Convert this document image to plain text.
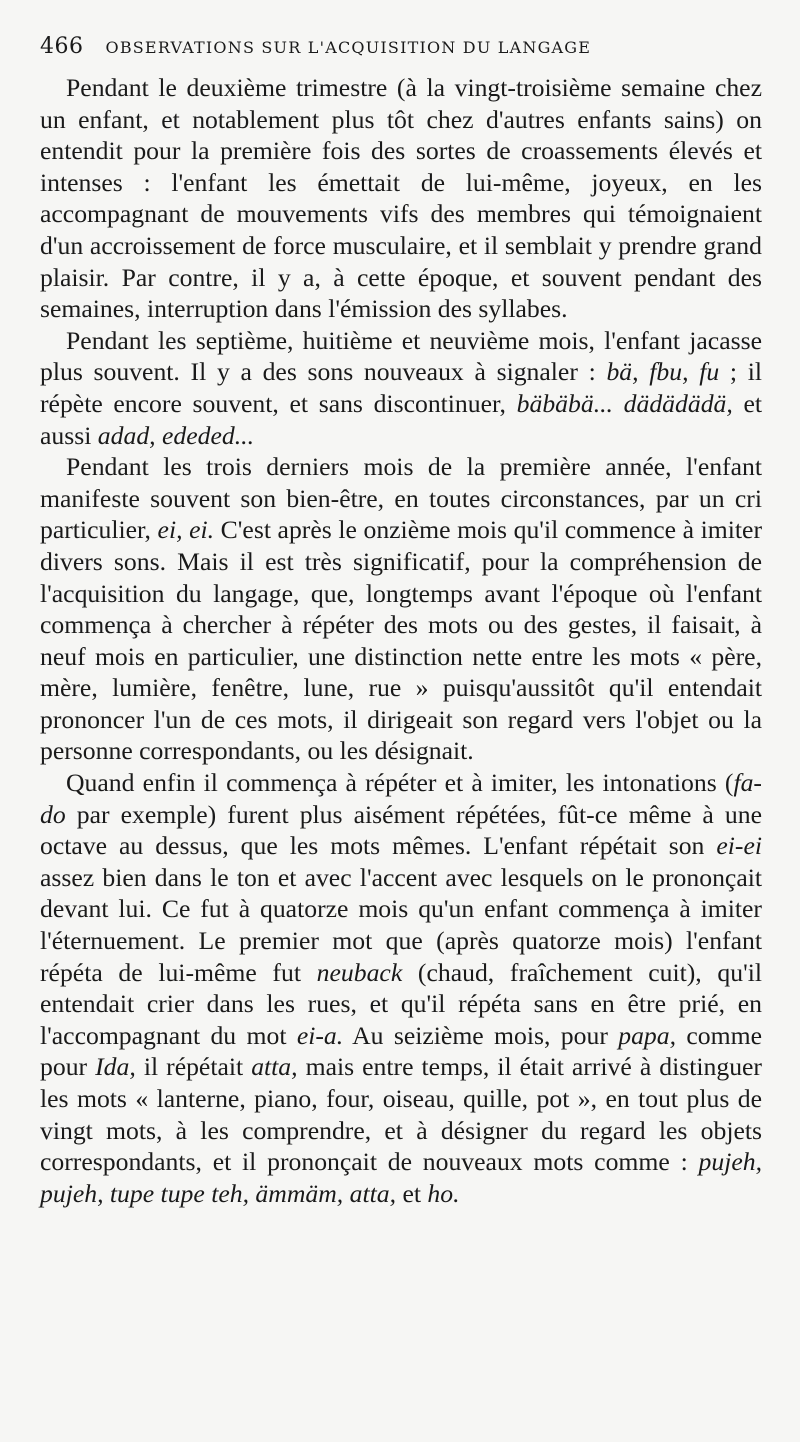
466 OBSERVATIONS SUR L'ACQUISITION DU LANGAGE

Pendant le deuxième trimestre (à la vingt-troisième semaine chez un enfant, et notablement plus tôt chez d'autres enfants sains) on entendit pour la première fois des sortes de croassements élevés et intenses : l'enfant les émettait de lui-même, joyeux, en les accompagnant de mouvements vifs des membres qui témoignaient d'un accroissement de force musculaire, et il semblait y prendre grand plaisir. Par contre, il y a, à cette époque, et souvent pendant des semaines, interruption dans l'émission des syllabes.

Pendant les septième, huitième et neuvième mois, l'enfant jacasse plus souvent. Il y a des sons nouveaux à signaler : bä, fbu, fu ; il répète encore souvent, et sans discontinuer, bäbäbä... dädädädä, et aussi adad, ededed...

Pendant les trois derniers mois de la première année, l'enfant manifeste souvent son bien-être, en toutes circonstances, par un cri particulier, ei, ei. C'est après le onzième mois qu'il commence à imiter divers sons. Mais il est très significatif, pour la compréhension de l'acquisition du langage, que, longtemps avant l'époque où l'enfant commença à chercher à répéter des mots ou des gestes, il faisait, à neuf mois en particulier, une distinction nette entre les mots « père, mère, lumière, fenêtre, lune, rue » puisqu'aussitôt qu'il entendait prononcer l'un de ces mots, il dirigeait son regard vers l'objet ou la personne correspondants, ou les désignait.

Quand enfin il commença à répéter et à imiter, les intonations (fa-do par exemple) furent plus aisément répétées, fût-ce même à une octave au dessus, que les mots mêmes. L'enfant répétait son ei-ei assez bien dans le ton et avec l'accent avec lesquels on le prononçait devant lui. Ce fut à quatorze mois qu'un enfant commença à imiter l'éternuement. Le premier mot que (après quatorze mois) l'enfant répéta de lui-même fut neuback (chaud, fraîchement cuit), qu'il entendait crier dans les rues, et qu'il répéta sans en être prié, en l'accompagnant du mot ei-a. Au seizième mois, pour papa, comme pour Ida, il répétait atta, mais entre temps, il était arrivé à distinguer les mots « lanterne, piano, four, oiseau, quille, pot », en tout plus de vingt mots, à les comprendre, et à désigner du regard les objets correspondants, et il prononçait de nouveaux mots comme : pujeh, pujeh, tupe tupe teh, ämmäm, atta, et ho.
